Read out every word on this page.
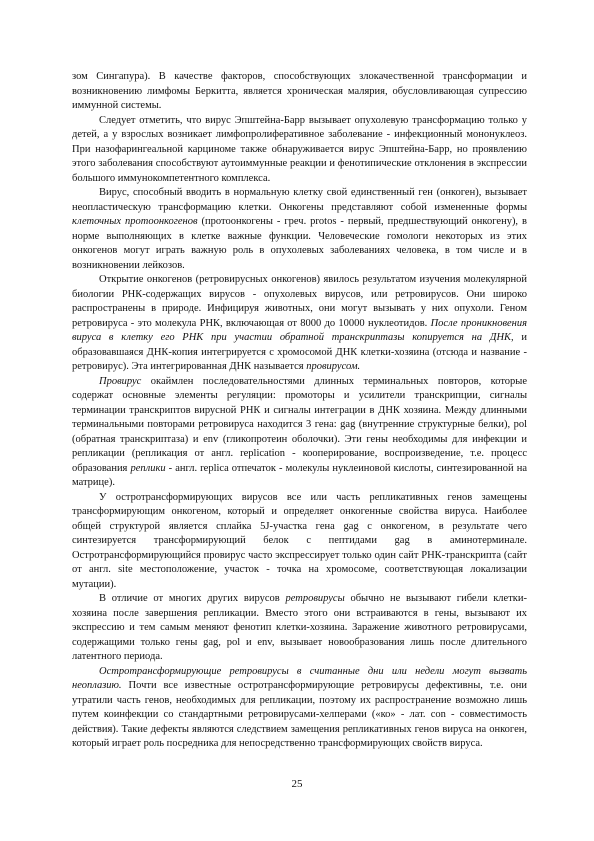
зом Сингапура). В качестве факторов, способствующих злокачественной трансформации и возникновению лимфомы Беркитта, является хроническая малярия, обусловливающая супрессию иммунной системы.

Следует отметить, что вирус Эпштейна-Барр вызывает опухолевую трансформацию только у детей, а у взрослых возникает лимфопролиферативное заболевание - инфекционный мононуклеоз. При назофарингеальной карциноме также обнаруживается вирус Эпштейна-Барр, но проявлению этого заболевания способствуют аутоиммунные реакции и фенотипические отклонения в экспрессии большого иммунокомпетентного комплекса.

Вирус, способный вводить в нормальную клетку свой единственный ген (онкоген), вызывает неопластическую трансформацию клетки. Онкогены представляют собой измененные формы клеточных протоонкогенов (протоонкогены - греч. protos - первый, предшествующий онкогену), в норме выполняющих в клетке важные функции. Человеческие гомологи некоторых из этих онкогенов могут играть важную роль в опухолевых заболеваниях человека, в том числе и в возникновении лейкозов.

Открытие онкогенов (ретровирусных онкогенов) явилось результатом изучения молекулярной биологии РНК-содержащих вирусов - опухолевых вирусов, или ретровирусов. Они широко распространены в природе. Инфицируя животных, они могут вызывать у них опухоли. Геном ретровируса - это молекула РНК, включающая от 8000 до 10000 нуклеотидов. После проникновения вируса в клетку его РНК при участии обратной транскриптазы копируется на ДНК, и образовавшаяся ДНК-копия интегрируется с хромосомой ДНК клетки-хозяина (отсюда и название - ретровирус). Эта интегрированная ДНК называется провирусом.

Провирус окаймлен последовательностями длинных терминальных повторов, которые содержат основные элементы регуляции: промоторы и усилители транскрипции, сигналы терминации транскриптов вирусной РНК и сигналы интеграции в ДНК хозяина. Между длинными терминальными повторами ретровируса находится 3 гена: gag (внутренние структурные белки), pol (обратная транскриптаза) и env (гликопротеин оболочки). Эти гены необходимы для инфекции и репликации (репликация от англ. replication - кооперирование, воспроизведение, т.е. процесс образования реплики - англ. replica отпечаток - молекулы нуклеиновой кислоты, синтезированной на матрице).

У остротрансформирующих вирусов все или часть репликативных генов замещены трансформирующим онкогеном, который и определяет онкогенные свойства вируса. Наиболее общей структурой является сплайка 5Ј-участка гена gag с онкогеном, в результате чего синтезируется трансформирующий белок с пептидами gag в аминотерминале. Остротрансформирующийся провирус часто экспрессирует только один сайт РНК-транскрипта (сайт от англ. site местоположение, участок - точка на хромосоме, соответствующая локализации мутации).

В отличие от многих других вирусов ретровирусы обычно не вызывают гибели клетки-хозяина после завершения репликации. Вместо этого они встраиваются в гены, вызывают их экспрессию и тем самым меняют фенотип клетки-хозяина. Заражение животного ретровирусами, содержащими только гены gag, pol и env, вызывает новообразования лишь после длительного латентного периода.

Остротрансформирующие ретровирусы в считанные дни или недели могут вызвать неоплазию. Почти все известные остротрансформирующие ретровирусы дефективны, т.е. они утратили часть генов, необходимых для репликации, поэтому их распространение возможно лишь путем коинфекции со стандартными ретровирусами-хелперами («ко» - лат. con - совместимость действия). Такие дефекты являются следствием замещения репликативных генов вируса на онкоген, который играет роль посредника для непосредственно трансформирующих свойств вируса.

25
